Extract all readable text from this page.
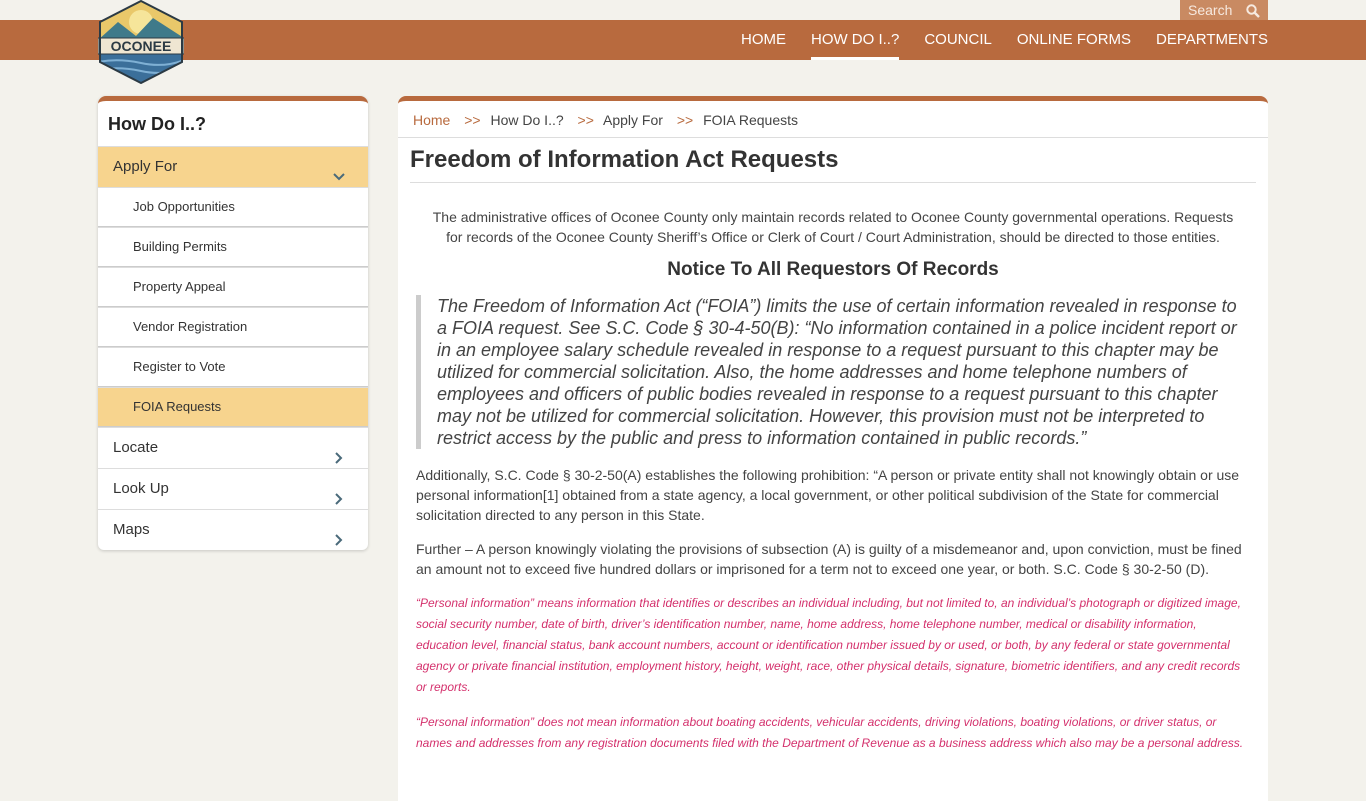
OCONEE
Search
HOME HOW DO I..? COUNCIL ONLINE FORMS DEPARTMENTS
How Do I..?
Apply For
Job Opportunities
Building Permits
Property Appeal
Vendor Registration
Register to Vote
FOIA Requests
Locate
Look Up
Maps
Home >> How Do I..? >> Apply For >> FOIA Requests
Freedom of Information Act Requests

The administrative offices of Oconee County only maintain records related to Oconee County governmental operations. Requests for records of the Oconee County Sheriff’s Office or Clerk of Court / Court Administration, should be directed to those entities.

Notice To All Requestors Of Records
The Freedom of Information Act (“FOIA”) limits the use of certain information revealed in response to a FOIA request. See S.C. Code § 30-4-50(B): “No information contained in a police incident report or in an employee salary schedule revealed in response to a request pursuant to this chapter may be utilized for commercial solicitation. Also, the home addresses and home telephone numbers of employees and officers of public bodies revealed in response to a request pursuant to this chapter may not be utilized for commercial solicitation. However, this provision must not be interpreted to restrict access by the public and press to information contained in public records.”

Additionally, S.C. Code § 30-2-50(A) establishes the following prohibition: “A person or private entity shall not knowingly obtain or use personal information[1] obtained from a state agency, a local government, or other political subdivision of the State for commercial solicitation directed to any person in this State.

Further – A person knowingly violating the provisions of subsection (A) is guilty of a misdemeanor and, upon conviction, must be fined an amount not to exceed five hundred dollars or imprisoned for a term not to exceed one year, or both. S.C. Code § 30-2-50 (D).

“Personal information” means information that identifies or describes an individual including, but not limited to, an individual’s photograph or digitized image, social security number, date of birth, driver’s identification number, name, home address, home telephone number, medical or disability information, education level, financial status, bank account numbers, account or identification number issued by or used, or both, by any federal or state governmental agency or private financial institution, employment history, height, weight, race, other physical details, signature, biometric identifiers, and any credit records or reports.

“Personal information” does not mean information about boating accidents, vehicular accidents, driving violations, boating violations, or driver status, or names and addresses from any registration documents filed with the Department of Revenue as a business address which also may be a personal address.
